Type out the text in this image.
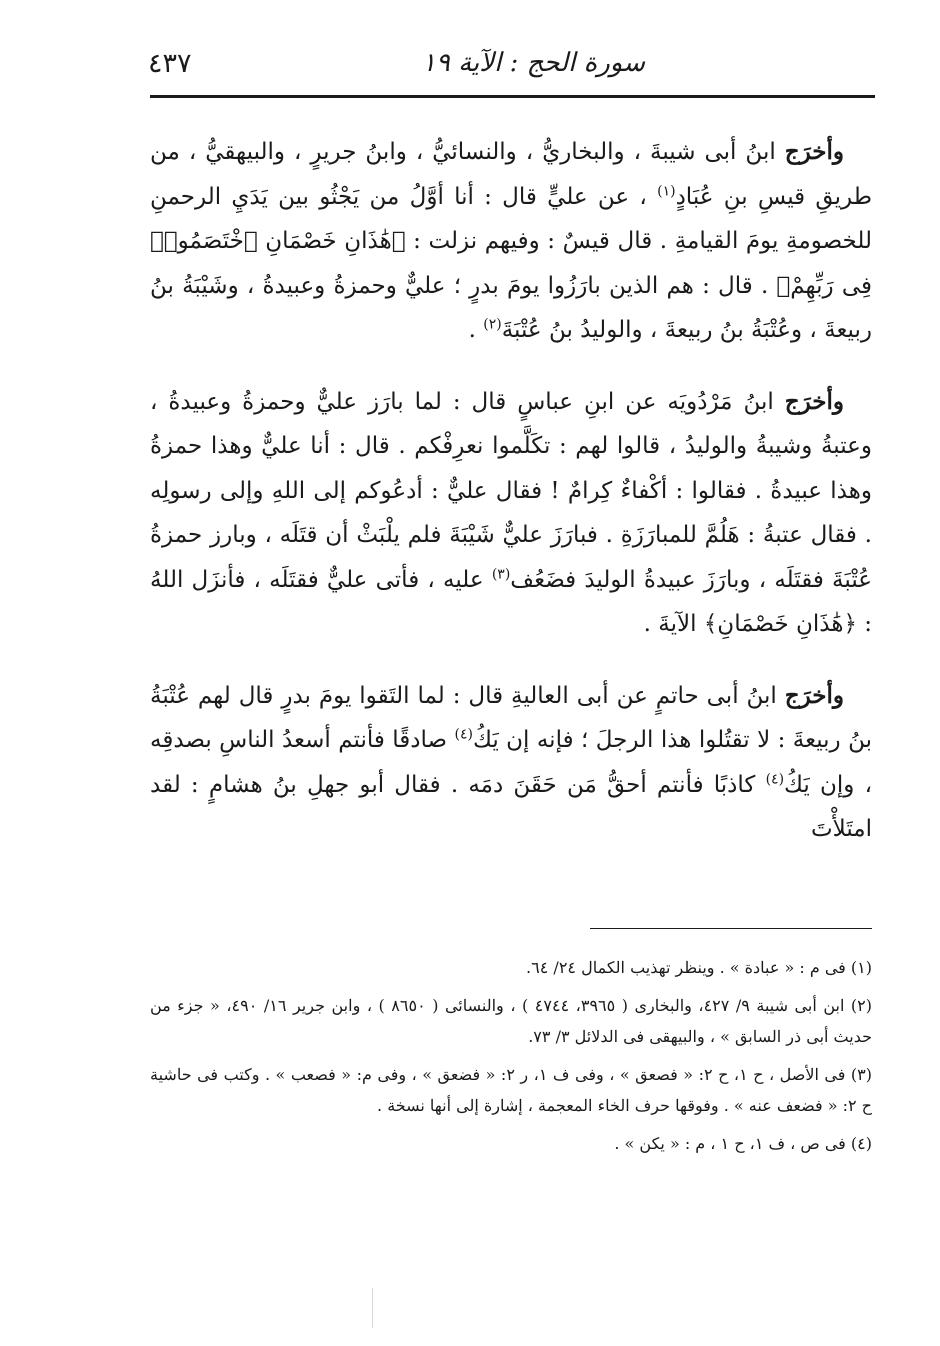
سورة الحج : الآية ١٩
٤٣٧

وأخرَج ابنُ أبى شيبةَ ، والبخاريُّ ، والنسائيُّ ، وابنُ جريرٍ ، والبيهقيُّ ، من طريقِ قيسِ بنِ عُبَادٍ$^{(١)}$ ، عن عليٍّ قال : أنا أوَّلُ من يَجْثُو بين يَدَيِ الرحمنِ للخصومةِ يومَ القيامةِ . قال قيسٌ : وفيهم نزلت : ﴿هَٰذَانِ خَصْمَانِ ٱخْتَصَمُوا۟ فِى رَبِّهِمْ﴾ . قال : هم الذين بارَزُوا يومَ بدرٍ ؛ عليٌّ وحمزةُ وعبيدةُ ، وشَيْبَةُ بنُ ربيعةَ ، وعُتْبَةُ بنُ ربيعةَ ، والوليدُ بنُ عُتْبَةَ$^{(٢)}$ .

وأخرَج ابنُ مَرْدُويَه عن ابنِ عباسٍ قال : لما بارَز عليٌّ وحمزةُ وعبيدةُ ، وعتبةُ وشيبةُ والوليدُ ، قالوا لهم : تكَلَّموا نعرِفْكم . قال : أنا عليٌّ وهذا حمزةُ وهذا عبيدةُ . فقالوا : أكْفاءٌ كِرامٌ ! فقال عليٌّ : أدعُوكم إلى اللهِ وإلى رسولِه . فقال عتبةُ : هَلُمَّ للمبارَزَةِ . فبارَزَ عليٌّ شَيْبَةَ فلم يلْبَثْ أن قتَلَه ، وبارز حمزةُ عُتْبَةَ فقتَلَه ، وبارَزَ عبيدةُ الوليدَ فضَعُف$^{(٣)}$ عليه ، فأتى عليٌّ فقتَلَه ، فأنزَل اللهُ : ﴿هَٰذَانِ خَصْمَانِ﴾ الآيةَ .

وأخرَج ابنُ أبى حاتمٍ عن أبى العاليةِ قال : لما التَقوا يومَ بدرٍ قال لهم عُتْبَةُ بنُ ربيعةَ : لا تقتُلوا هذا الرجلَ ؛ فإنه إن يَكُ$^{(٤)}$ صادقًا فأنتم أسعدُ الناسِ بصدقِه ، وإن يَكُ$^{(٤)}$ كاذبًا فأنتم أحقُّ مَن حَقَنَ دمَه . فقال أبو جهلِ بنُ هشامٍ : لقد امتَلأْتَ

(١) فى م : « عبادة » . وينظر تهذيب الكمال ٢٤/ ٦٤.

(٢) ابن أبى شيبة ٩/ ٤٢٧، والبخارى ( ٣٩٦٥، ٤٧٤٤ ) ، والنسائى ( ٨٦٥٠ ) ، وابن جرير ١٦/ ٤٩٠، « جزء من حديث أبى ذر السابق » ، والبيهقى فى الدلائل ٣/ ٧٣.

(٣) فى الأصل ، ح ١، ح ٢: « فصعق » ، وفى ف ١، ر ٢: « فضعق » ، وفى م: « فصعب » . وكتب فى حاشية ح ٢: « فضعف عنه » . وفوقها حرف الخاء المعجمة ، إشارة إلى أنها نسخة .

(٤) فى ص ، ف ١، ح ١ ، م : « يكن » .
